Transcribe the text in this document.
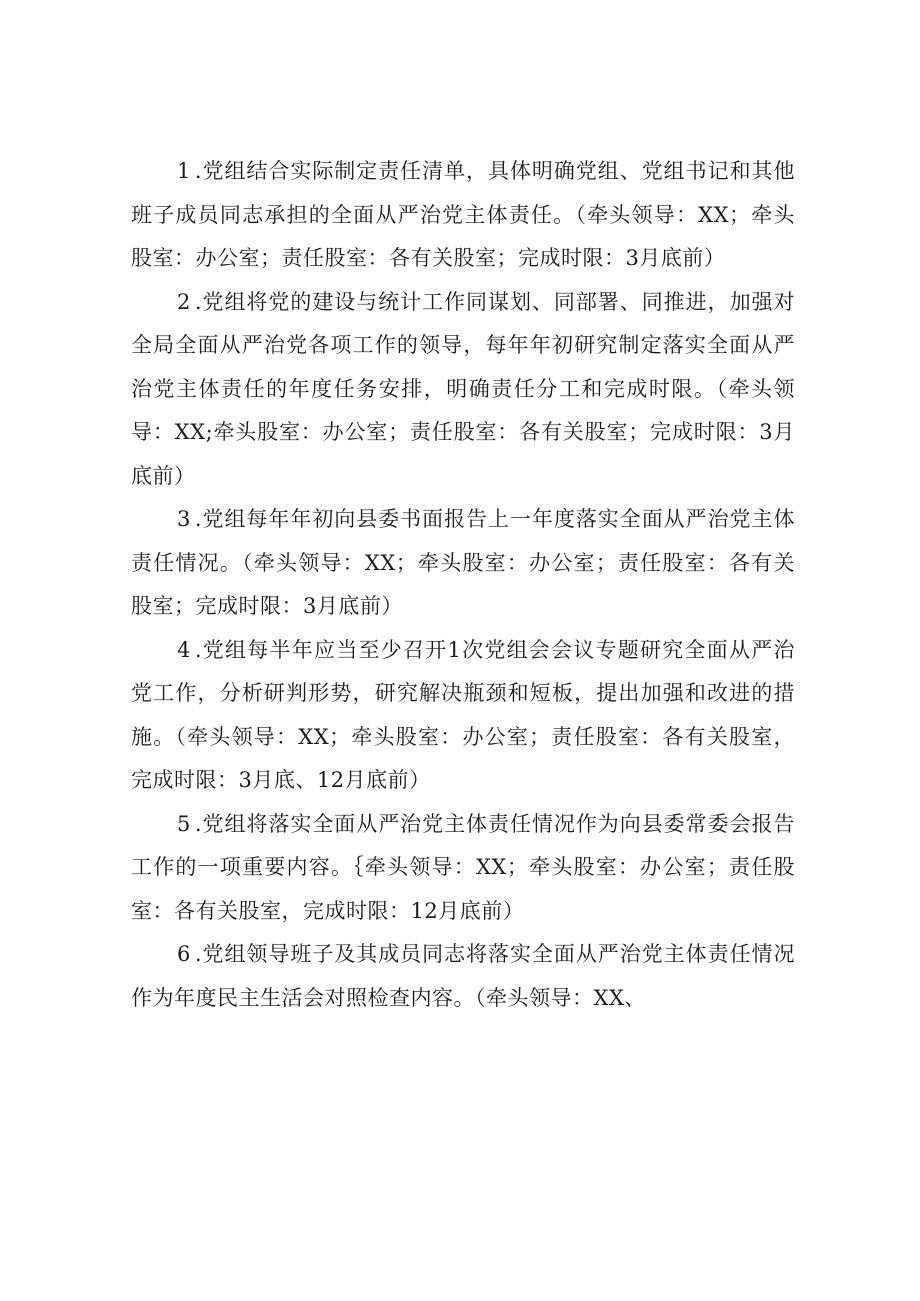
1 .党组结合实际制定责任清单，具体明确党组、党组书记和其他班子成员同志承担的全面从严治党主体责任。（牵头领导：XX；牵头股室：办公室；责任股室：各有关股室；完成时限：3月底前）

2 .党组将党的建设与统计工作同谋划、同部署、同推进，加强对全局全面从严治党各项工作的领导，每年年初研究制定落实全面从严治党主体责任的年度任务安排，明确责任分工和完成时限。（牵头领导：XX;牵头股室：办公室；责任股室：各有关股室；完成时限：3月底前）

3 .党组每年年初向县委书面报告上一年度落实全面从严治党主体责任情况。（牵头领导：XX；牵头股室：办公室；责任股室：各有关股室；完成时限：3月底前）

4 .党组每半年应当至少召开1次党组会会议专题研究全面从严治党工作，分析研判形势，研究解决瓶颈和短板，提出加强和改进的措施。（牵头领导：XX；牵头股室：办公室；责任股室：各有关股室，完成时限：3月底、12月底前）

5 .党组将落实全面从严治党主体责任情况作为向县委常委会报告工作的一项重要内容。｛牵头领导：XX；牵头股室：办公室；责任股室：各有关股室，完成时限：12月底前）

6 .党组领导班子及其成员同志将落实全面从严治党主体责任情况作为年度民主生活会对照检查内容。（牵头领导：XX、
